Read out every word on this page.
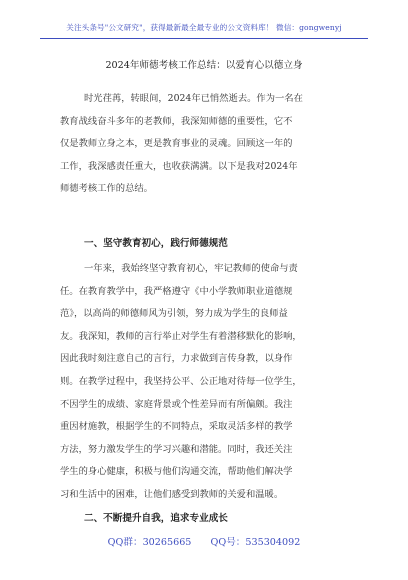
关注头条号"公文研究"，获得最新最全最专业的公文资料库！ 微信：gongwenyj
2024年师德考核工作总结：以爱育心以德立身
时光荏苒，转眼间，2024年已悄然逝去。作为一名在
教育战线奋斗多年的老教师，我深知师德的重要性，它不
仅是教师立身之本，更是教育事业的灵魂。回顾这一年的
工作，我深感责任重大，也收获满满。以下是我对2024年
师德考核工作的总结。
一、坚守教育初心，践行师德规范
一年来，我始终坚守教育初心，牢记教师的使命与责
任。在教育教学中，我严格遵守《中小学教师职业道德规
范》，以高尚的师德师风为引领，努力成为学生的良师益
友。我深知，教师的言行举止对学生有着潜移默化的影响，
因此我时刻注意自己的言行，力求做到言传身教，以身作
则。在教学过程中，我坚持公平、公正地对待每一位学生，
不因学生的成绩、家庭背景或个性差异而有所偏颇。我注
重因材施教，根据学生的不同特点，采取灵活多样的教学
方法，努力激发学生的学习兴趣和潜能。同时，我还关注
学生的身心健康，积极与他们沟通交流，帮助他们解决学
习和生活中的困难，让他们感受到教师的关爱和温暖。
二、不断提升自我，追求专业成长
QQ群：30265665 QQ号：535304092
